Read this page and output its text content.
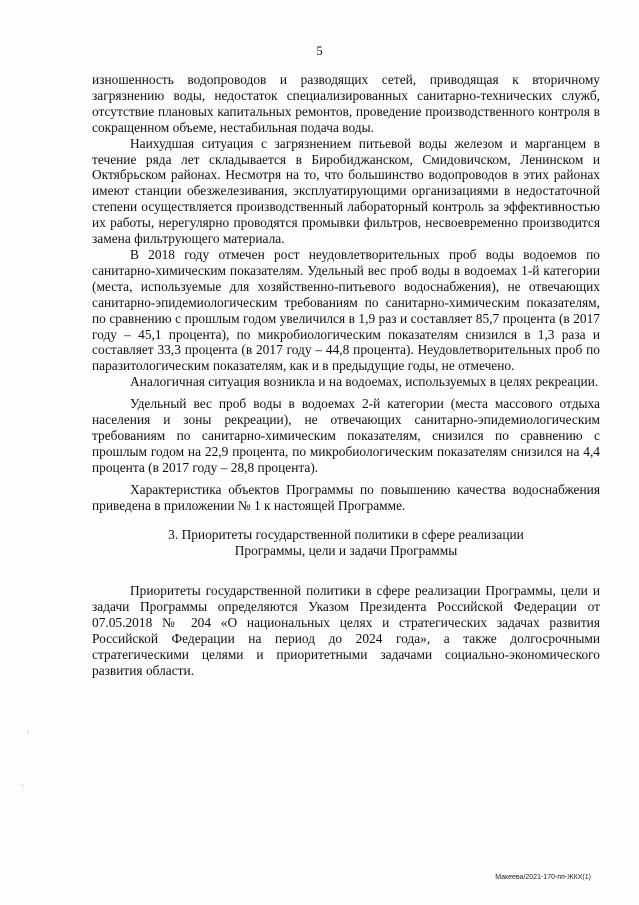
5

изношенность водопроводов и разводящих сетей, приводящая к вторичному загрязнению воды, недостаток специализированных санитарно-технических служб, отсутствие плановых капитальных ремонтов, проведение производственного контроля в сокращенном объеме, нестабильная подача воды.

Наихудшая ситуация с загрязнением питьевой воды железом и марганцем в течение ряда лет складывается в Биробиджанском, Смидовичском, Ленинском и Октябрьском районах. Несмотря на то, что большинство водопроводов в этих районах имеют станции обезжелезивания, эксплуатирующими организациями в недостаточной степени осуществляется производственный лабораторный контроль за эффективностью их работы, нерегулярно проводятся промывки фильтров, несвоевременно производится замена фильтрующего материала.

В 2018 году отмечен рост неудовлетворительных проб воды водоемов по санитарно-химическим показателям. Удельный вес проб воды в водоемах 1-й категории (места, используемые для хозяйственно-питьевого водоснабжения), не отвечающих санитарно-эпидемиологическим требованиям по санитарно-химическим показателям, по сравнению с прошлым годом увеличился в 1,9 раз и составляет 85,7 процента (в 2017 году – 45,1 процента), по микробиологическим показателям снизился в 1,3 раза и составляет 33,3 процента (в 2017 году – 44,8 процента). Неудовлетворительных проб по паразитологическим показателям, как и в предыдущие годы, не отмечено.

Аналогичная ситуация возникла и на водоемах, используемых в целях рекреации.

Удельный вес проб воды в водоемах 2-й категории (места массового отдыха населения и зоны рекреации), не отвечающих санитарно-эпидемиологическим требованиям по санитарно-химическим показателям, снизился по сравнению с прошлым годом на 22,9 процента, по микробиологическим показателям снизился на 4,4 процента (в 2017 году – 28,8 процента).

Характеристика объектов Программы по повышению качества водоснабжения приведена в приложении № 1 к настоящей Программе.

3. Приоритеты государственной политики в сфере реализации
Программы, цели и задачи Программы

Приоритеты государственной политики в сфере реализации Программы, цели и задачи Программы определяются Указом Президента Российской Федерации от 07.05.2018 № 204 «О национальных целях и стратегических задачах развития Российской Федерации на период до 2024 года», а также долгосрочными стратегическими целями и приоритетными задачами социально-экономического развития области.

Макеева/2021-170-пп-ЖКХ(1)
